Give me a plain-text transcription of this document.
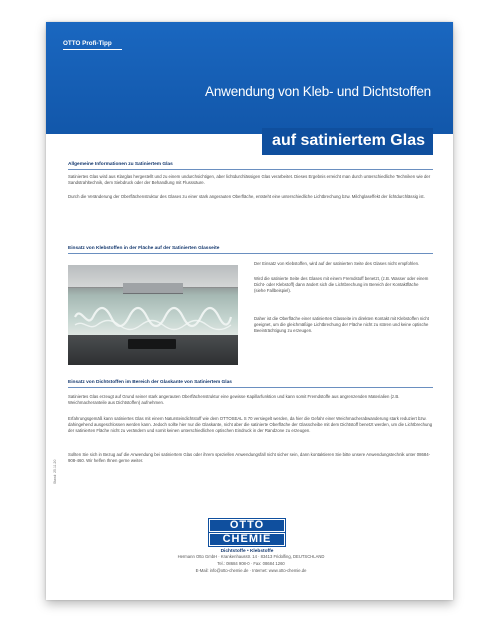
OTTO Profi-Tipp
Anwendung von Kleb- und Dichtstoffen
auf satiniertem Glas
Allgemeine Informationen zu Satiniertem Glas
Satiniertes Glas wird aus Klarglas hergestellt und zu einem undurchsichtigen, aber lichtdurchlässigen Glas verarbeitet. Dieses Ergebnis erreicht man durch unterschiedliche Techniken wie der Sandstrahltechnik, dem Siebdruck oder der Behandlung mit Flusssäure.
Durch die Veränderung der Oberflächenstruktur des Glases zu einer stark angerauten Oberfläche, entsteht eine unterschiedliche Lichtbrechung bzw. Milchglaseffekt der lichtdurchlässig ist.
Einsatz von Klebstoffen in der Fläche auf der Satinierten Glasseite
Der Einsatz von Klebstoffen, wird auf der satinierten Seite des Glases nicht empfohlen.
Wird die satinierte Seite des Glases mit einem Fremdstoff benetzt, (z.B. Wasser oder einem Dicht- oder Klebstoff) dann ändert sich die Lichtbrechung im Bereich der Kontaktfläche (siehe Fallbeispiel).
Daher ist die Oberfläche einer satinierten Glasseite im direkten Kontakt mit Klebstoffen nicht geeignet, um die gleichmäßige Lichtbrechung der Fläche nicht zu stören und keine optische Beeinträchtigung zu erzeugen.
Einsatz von Dichtstoffen im Bereich der Glaskante von Satiniertem Glas
Satiniertes Glas erzeugt auf Grund seiner stark angerauten Oberflächenstruktur eine gewisse Kapillarfunktion und kann somit Fremdstoffe aus angrenzenden Materialien (z.B. Weichmacheranteile aus Dichtstoffen) aufnehmen.
Erfahrungsgemäß kann satiniertes Glas mit einem Natursteindichtstoff wie dem OTTOSEAL S 70 versiegelt werden, da hier die Gefahr einer Weichmacherabwanderung stark reduziert bzw. dahingehend ausgeschlossen werden kann. Jedoch sollte hier nur die Glaskante, nicht aber die satinierte Oberfläche der Glasscheibe mit dem Dichtstoff benetzt werden, um die Lichtbrechung der satinierten Fläche nicht zu verändern und somit keinen unterschiedlichen optischen Eindruck in der Randzone zu erzeugen.
Sollten Sie sich in Bezug auf die Anwendung bei satiniertem Glas oder ihrem speziellen Anwendungsfall nicht sicher sein, dann kontaktieren Sie bitte unsere Anwendungstechnik unter 08684-908-460. Wir helfen Ihnen gerne weiter.
Stand: 25.11.20
OTTO
CHEMIE
Dichtstoffe • Klebstoffe
Hermann Otto GmbH · Krankenhausstr. 14 · 83413 Fridolfing, DEUTSCHLAND
Tel.: 08684 908-0 · Fax: 08684 1260
E-Mail: info@otto-chemie.de · Internet: www.otto-chemie.de
